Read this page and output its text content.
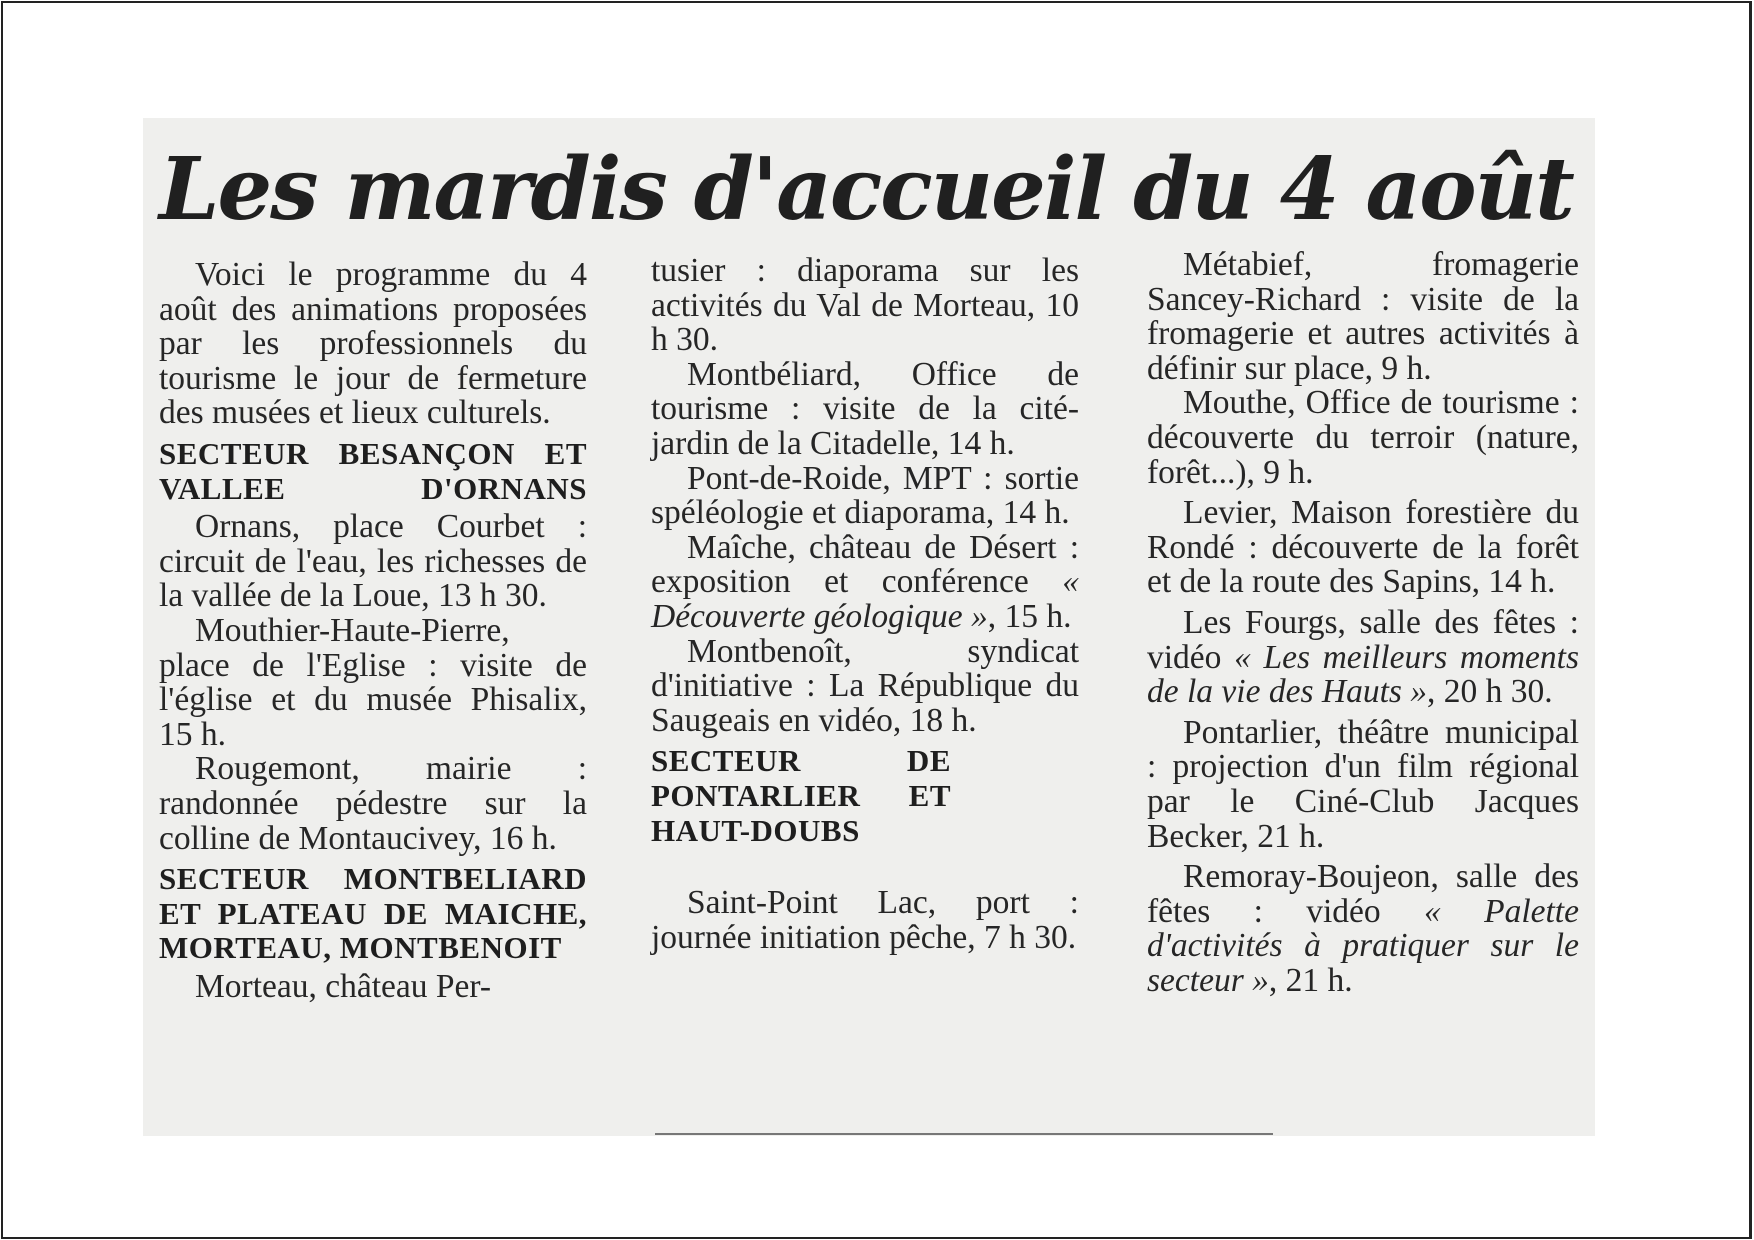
Les mardis d'accueil du 4 août

Voici le programme du 4 août des animations proposées par les professionnels du tourisme le jour de fermeture des musées et lieux culturels.

SECTEUR BESANÇON ET VALLEE D'ORNANS

Ornans, place Courbet : circuit de l'eau, les richesses de la vallée de la Loue, 13 h 30.

Mouthier-Haute-Pierre, place de l'Eglise : visite de l'église et du musée Phisalix, 15 h.

Rougemont, mairie : randonnée pédestre sur la colline de Montaucivey, 16 h.

SECTEUR MONTBELIARD ET PLATEAU DE MAICHE, MORTEAU, MONTBENOIT

Morteau, château Per-

tusier : diaporama sur les activités du Val de Morteau, 10 h 30.

Montbéliard, Office de tourisme : visite de la cité-jardin de la Citadelle, 14 h.

Pont-de-Roide, MPT : sortie spéléologie et diaporama, 14 h.

Maîche, château de Désert : exposition et conférence « Découverte géologique », 15 h.

Montbenoît, syndicat d'initiative : La République du Saugeais en vidéo, 18 h.

SECTEUR DE PONTARLIER ET HAUT-DOUBS

Saint-Point Lac, port : journée initiation pêche, 7 h 30.

Métabief, fromagerie Sancey-Richard : visite de la fromagerie et autres activités à définir sur place, 9 h.

Mouthe, Office de tourisme : découverte du terroir (nature, forêt...), 9 h.

Levier, Maison forestière du Rondé : découverte de la forêt et de la route des Sapins, 14 h.

Les Fourgs, salle des fêtes : vidéo « Les meilleurs moments de la vie des Hauts », 20 h 30.

Pontarlier, théâtre municipal : projection d'un film régional par le Ciné-Club Jacques Becker, 21 h.

Remoray-Boujeon, salle des fêtes : vidéo « Palette d'activités à pratiquer sur le secteur », 21 h.
